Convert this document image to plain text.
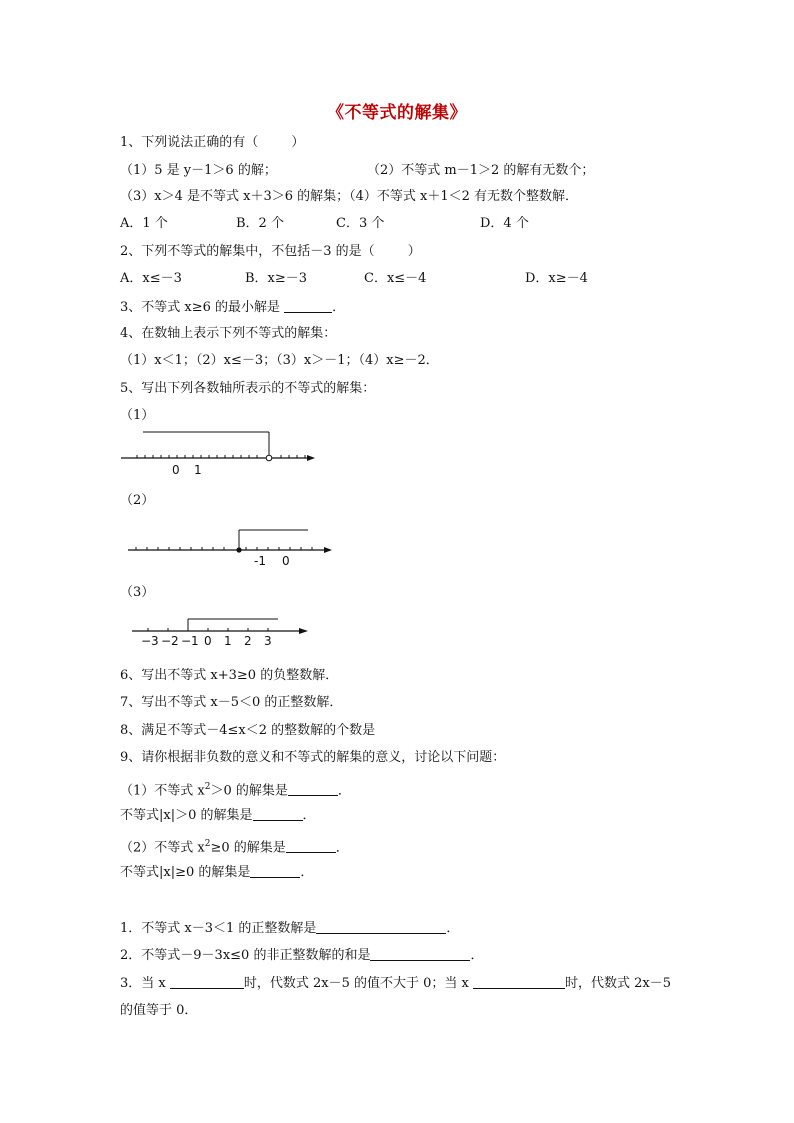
《不等式的解集》
1、下列说法正确的有（        ）
（1）5 是 y－1＞6 的解；	（2）不等式 m－1＞2 的解有无数个；
（3）x＞4 是不等式 x＋3＞6 的解集；（4）不等式 x＋1＜2 有无数个整数解．
A．1 个	B．2 个	C．3 个	D．4 个
2、下列不等式的解集中，不包括－3 的是（        ）
A．x≤－3	B．x≥－3	C．x≤－4	D．x≥－4
3、不等式 x≥6 的最小解是	．
4、在数轴上表示下列不等式的解集：
（1）x＜1；（2）x≤－3；（3）x＞－1；（4）x≥－2．
5、写出下列各数轴所表示的不等式的解集：
（1）
0 1
（2）
-1 0
（3）
−3 −2 −1 0 1 2 3
6、写出不等式 x+3≥0 的负整数解．
7、写出不等式 x－5＜0 的正整数解．
8、满足不等式－4≤x＜2 的整数解的个数是
9、请你根据非负数的意义和不等式的解集的意义，讨论以下问题：
（1）不等式 $x^2>0$ 的解集是	．
不等式|x|＞0 的解集是	．
（2）不等式 $x^2\ge 0$ 的解集是	．
不等式|x|≥0 的解集是	．
1．不等式 x－3＜1 的正整数解是	．
2．不等式－9－3x≤0 的非正整数解的和是	．
3．当 x	时，代数式 2x－5 的值不大于 0；当 x	时，代数式 2x－5
的值等于 0．
